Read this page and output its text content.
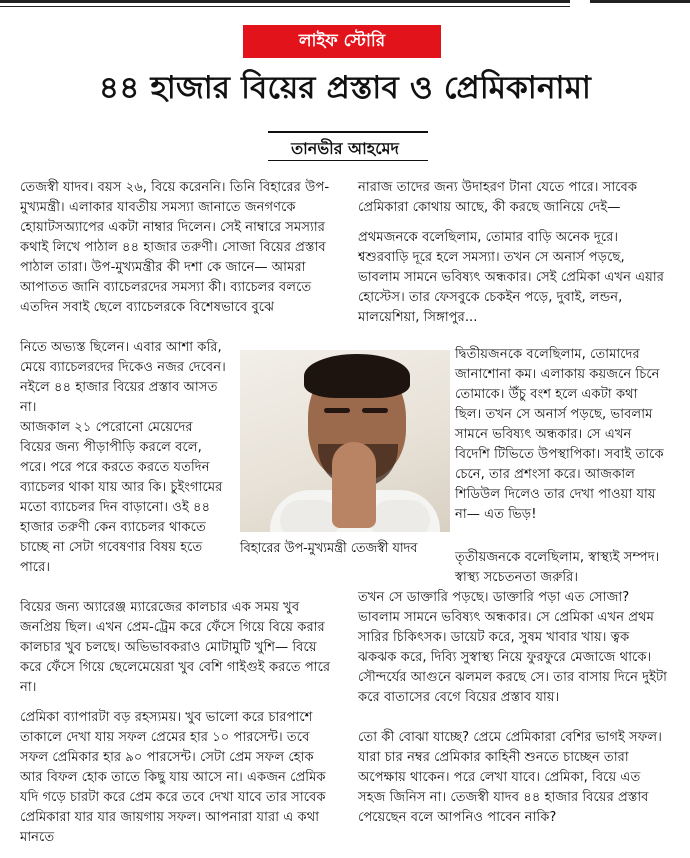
লাইফ স্টোরি
৪৪ হাজার বিয়ের প্রস্তাব ও প্রেমিকানামা
তানভীর আহমেদ

তেজস্বী যাদব। বয়স ২৬, বিয়ে করেননি। তিনি বিহারের উপ-মুখ্যমন্ত্রী। এলাকার যাবতীয় সমস্যা জানাতে জনগণকে হোয়াটসঅ্যাপের একটা নাম্বার দিলেন। সেই নাম্বারে সমস্যার কথাই লিখে পাঠাল ৪৪ হাজার তরুণী। সোজা বিয়ের প্রস্তাব পাঠাল তারা। উপ-মুখ্যমন্ত্রীর কী দশা কে জানে— আমরা আপাতত জানি ব্যাচেলরদের সমস্যা কী। ব্যাচেলর বলতে এতদিন সবাই ছেলে ব্যাচেলরকে বিশেষভাবে বুঝে

নিতে অভ্যস্ত ছিলেন। এবার আশা করি, মেয়ে ব্যাচেলরদের দিকেও নজর দেবেন। নইলে ৪৪ হাজার বিয়ের প্রস্তাব আসত না।

আজকাল ২১ পেরোনো মেয়েদের বিয়ের জন্য পীড়াপীড়ি করলে বলে, পরে। পরে পরে করতে করতে যতদিন ব্যাচেলর থাকা যায় আর কি। চুইংগামের মতো ব্যাচেলর দিন বাড়ানো। ওই ৪৪ হাজার তরুণী কেন ব্যাচেলর থাকতে চাচ্ছে না সেটা গবেষণার বিষয় হতে পারে।

বিয়ের জন্য অ্যারেঞ্জ ম্যারেজের কালচার এক সময় খুব জনপ্রিয় ছিল। এখন প্রেম-ট্রেম করে ফেঁসে গিয়ে বিয়ে করার কালচার খুব চলছে। অভিভাবকরাও মোটামুটি খুশি— বিয়ে করে ফেঁসে গিয়ে ছেলেমেয়েরা খুব বেশি গাইগুই করতে পারে না।

প্রেমিকা ব্যাপারটা বড় রহস্যময়। খুব ভালো করে চারপাশে তাকালে দেখা যায় সফল প্রেমের হার ১০ পারসেন্ট। তবে সফল প্রেমিকার হার ৯০ পারসেন্ট। সেটা প্রেম সফল হোক আর বিফল হোক তাতে কিছু যায় আসে না। একজন প্রেমিক যদি গড়ে চারটা করে প্রেম করে তবে দেখা যাবে তার সাবেক প্রেমিকারা যার যার জায়গায় সফল। আপনারা যারা এ কথা মানতে

নারাজ তাদের জন্য উদাহরণ টানা যেতে পারে। সাবেক প্রেমিকারা কোথায় আছে, কী করছে জানিয়ে দেই—

প্রথমজনকে বলেছিলাম, তোমার বাড়ি অনেক দূরে। শ্বশুরবাড়ি দূরে হলে সমস্যা। তখন সে অনার্স পড়ছে, ভাবলাম সামনে ভবিষ্যৎ অন্ধকার। সেই প্রেমিকা এখন এয়ার হোস্টেস। তার ফেসবুকে চেকইন পড়ে, দুবাই, লন্ডন, মালয়েশিয়া, সিঙ্গাপুর...

দ্বিতীয়জনকে বলেছিলাম, তোমাদের জানাশোনা কম। এলাকায় কয়জনে চিনে তোমাকে। উঁচু বংশ হলে একটা কথা ছিল। তখন সে অনার্স পড়ছে, ভাবলাম সামনে ভবিষ্যৎ অন্ধকার। সে এখন বিদেশি টিভিতে উপস্থাপিকা। সবাই তাকে চেনে, তার প্রশংসা করে। আজকাল শিডিউল দিলেও তার দেখা পাওয়া যায় না— এত ভিড়!

তৃতীয়জনকে বলেছিলাম, স্বাস্থ্যই সম্পদ। স্বাস্থ্য সচেতনতা জরুরি।

তখন সে ডাক্তারি পড়ছে। ডাক্তারি পড়া এত সোজা? ভাবলাম সামনে ভবিষ্যৎ অন্ধকার। সে প্রেমিকা এখন প্রথম সারির চিকিৎসক। ডায়েট করে, সুষম খাবার খায়। ত্বক ঝকঝক করে, দিব্যি সুস্বাস্থ্য নিয়ে ফুরফুরে মেজাজে থাকে। সৌন্দর্যের আগুনে ঝলমল করছে সে। তার বাসায় দিনে দুইটা করে বাতাসের বেগে বিয়ের প্রস্তাব যায়।

তো কী বোঝা যাচ্ছে? প্রেমে প্রেমিকারা বেশির ভাগই সফল। যারা চার নম্বর প্রেমিকার কাহিনী শুনতে চাচ্ছেন তারা অপেক্ষায় থাকেন। পরে লেখা যাবে। প্রেমিকা, বিয়ে এত সহজ জিনিস না। তেজস্বী যাদব ৪৪ হাজার বিয়ের প্রস্তাব পেয়েছেন বলে আপনিও পাবেন নাকি?

বিহারের উপ-মুখ্যমন্ত্রী তেজস্বী যাদব
